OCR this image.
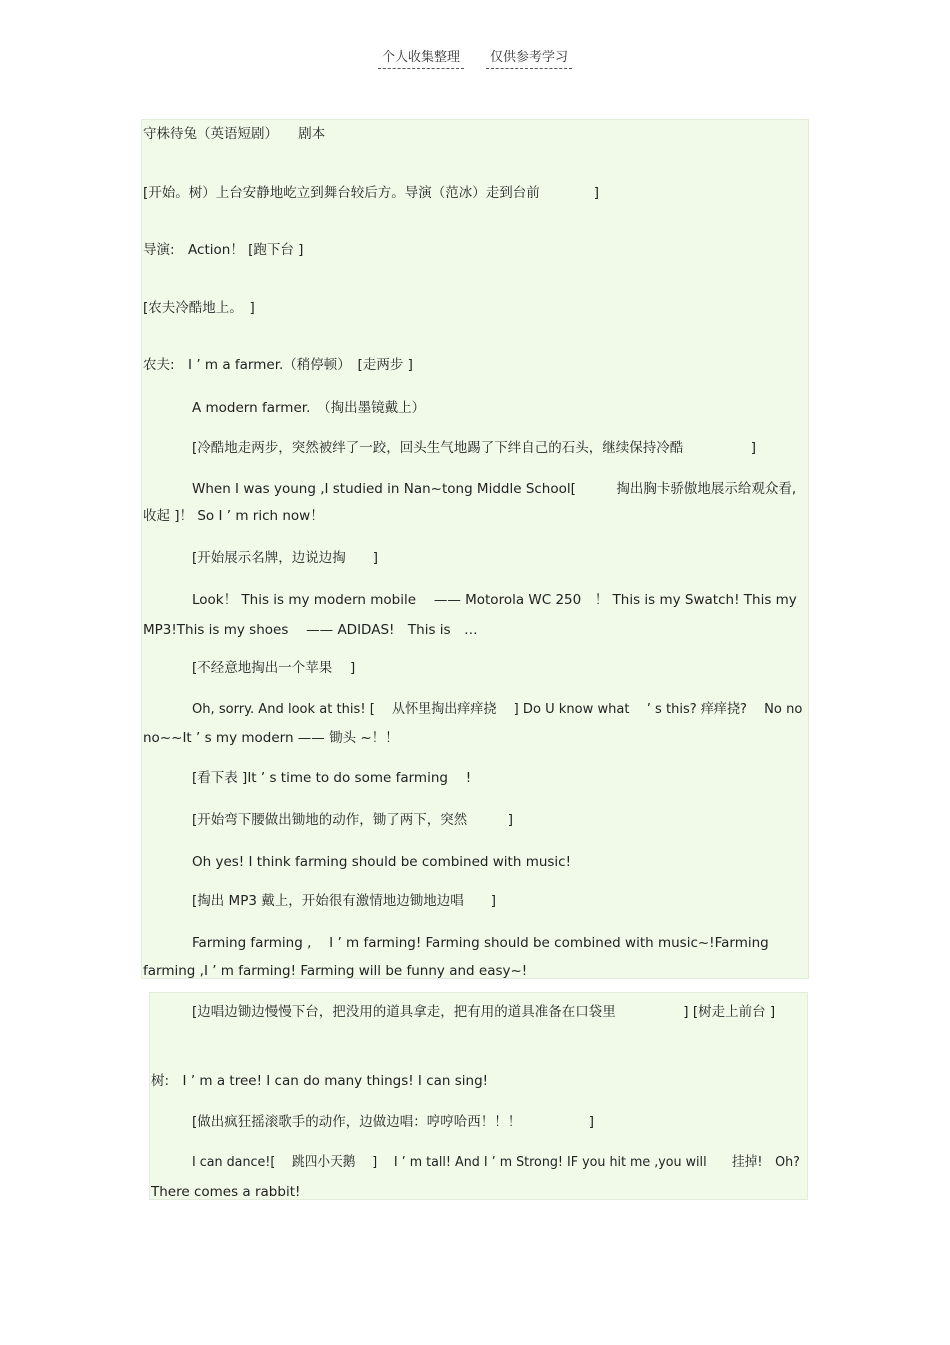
个人收集整理 仅供参考学习
守株待兔（英语短剧）　　剧本
[开始。树）上台安静地屹立到舞台较后方。导演（范冰）走到台前　　　　]
导演:　Action！ [跑下台 ]
[农夫冷酷地上。　]
农夫:　I ’ m a farmer.（稍停顿）　[走两步 ]
A modern farmer.　（掏出墨镜戴上）
[冷酷地走两步，突然被绊了一跤，回头生气地踢了下绊自己的石头，继续保持冷酷　　　　　]
When I was young ,I studied in Nan~tong Middle School[　　　掏出胸卡骄傲地展示给观众看,
收起 ]！ So I ’ m rich now！
[开始展示名牌，边说边掏　　]
Look！ This is my modern mobile　 —— Motorola WC 250　！ This is my Swatch! This my
MP3!This is my shoes　 —— ADIDAS!　This is　…
[不经意地掏出一个苹果　 ]
Oh, sorry. And look at this! [　 从怀里掏出痒痒挠　 ] Do U know what　 ’ s this? 痒痒挠?　 No no
no~~It ’ s my modern —— 锄头 ~！！
[看下表 ]It ’ s time to do some farming　 !
[开始弯下腰做出锄地的动作，锄了两下，突然　　　]
Oh yes! I think farming should be combined with music!
[掏出 MP3 戴上，开始很有激情地边锄地边唱　　]
Farming farming ,　 I ’ m farming! Farming should be combined with music~!Farming
farming ,I ’ m farming! Farming will be funny and easy~!
[边唱边锄边慢慢下台，把没用的道具拿走，把有用的道具准备在口袋里　　　　　] [树走上前台 ]
树:　I ’ m a tree! I can do many things! I can sing!
[做出疯狂摇滚歌手的动作，边做边唱：哼哼哈西！！！　　　　　]
I can dance![　 跳四小天鹅　 ]　 I ’ m tall! And I ’ m Strong! IF you hit me ,you will　　挂掉!　Oh?
There comes a rabbit!
